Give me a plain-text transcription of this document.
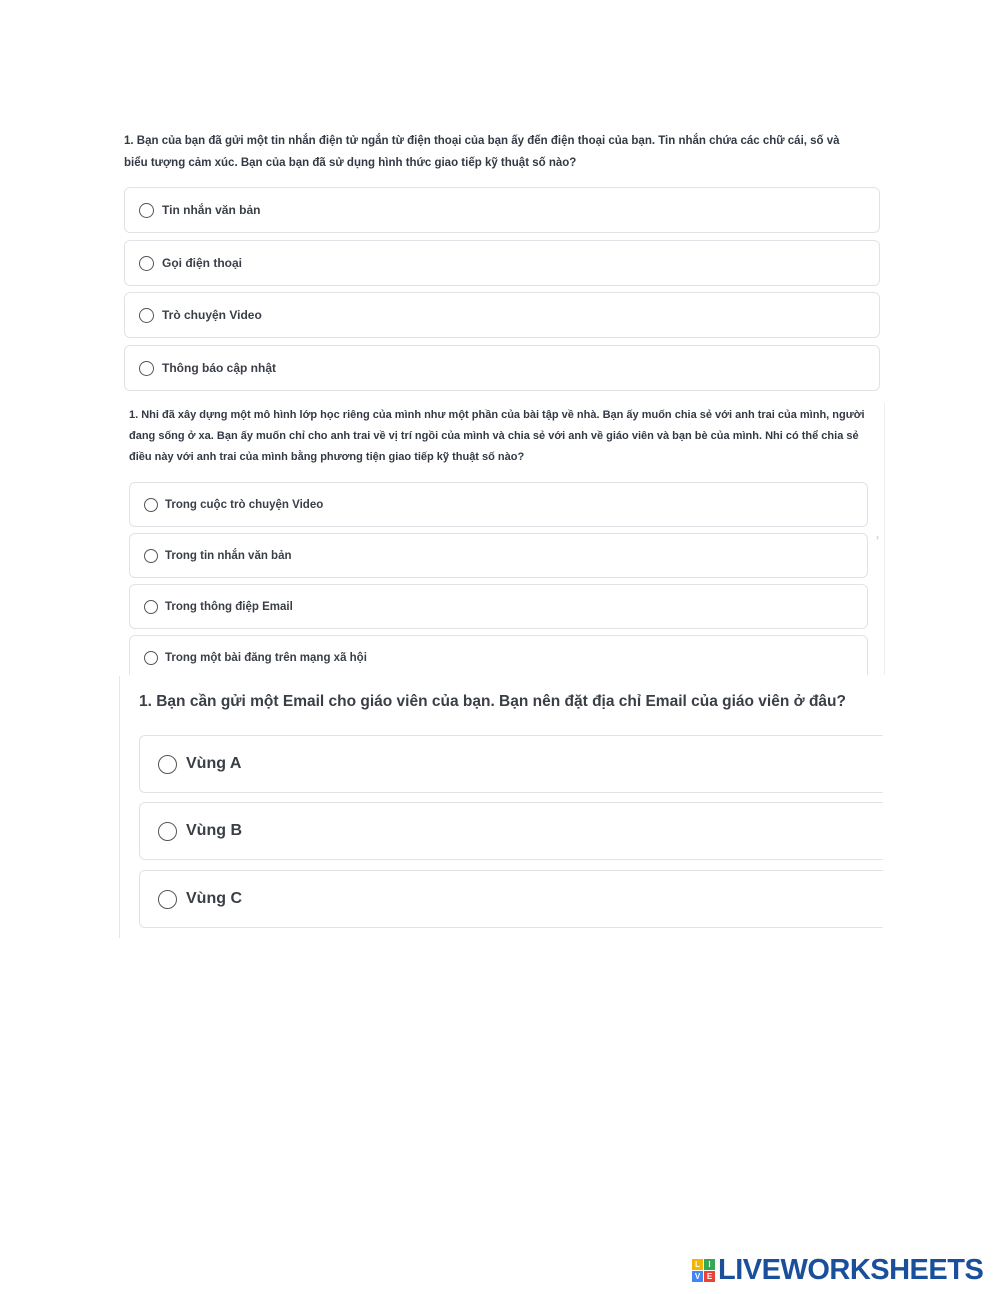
1. Bạn của bạn đã gửi một tin nhắn điện tử ngắn từ điện thoại của bạn ấy đến điện thoại của bạn. Tin nhắn chứa các chữ cái, số và biểu tượng cảm xúc. Bạn của bạn đã sử dụng hình thức giao tiếp kỹ thuật số nào?

Tin nhắn văn bản
Gọi điện thoại
Trò chuyện Video
Thông báo cập nhật

1. Nhi đã xây dựng một mô hình lớp học riêng của mình như một phần của bài tập về nhà. Bạn ấy muốn chia sẻ với anh trai của mình, người đang sống ở xa. Bạn ấy muốn chỉ cho anh trai về vị trí ngồi của mình và chia sẻ với anh về giáo viên và bạn bè của mình. Nhi có thể chia sẻ điều này với anh trai của mình bằng phương tiện giao tiếp kỹ thuật số nào?

Trong cuộc trò chuyện Video
Trong tin nhắn văn bản
Trong thông điệp Email
Trong một bài đăng trên mạng xã hội
›

1. Bạn cần gửi một Email cho giáo viên của bạn. Bạn nên đặt địa chỉ Email của giáo viên ở đâu?

Vùng A
Vùng B
Vùng C
L	I
V E LIVEWORKSHEETS
